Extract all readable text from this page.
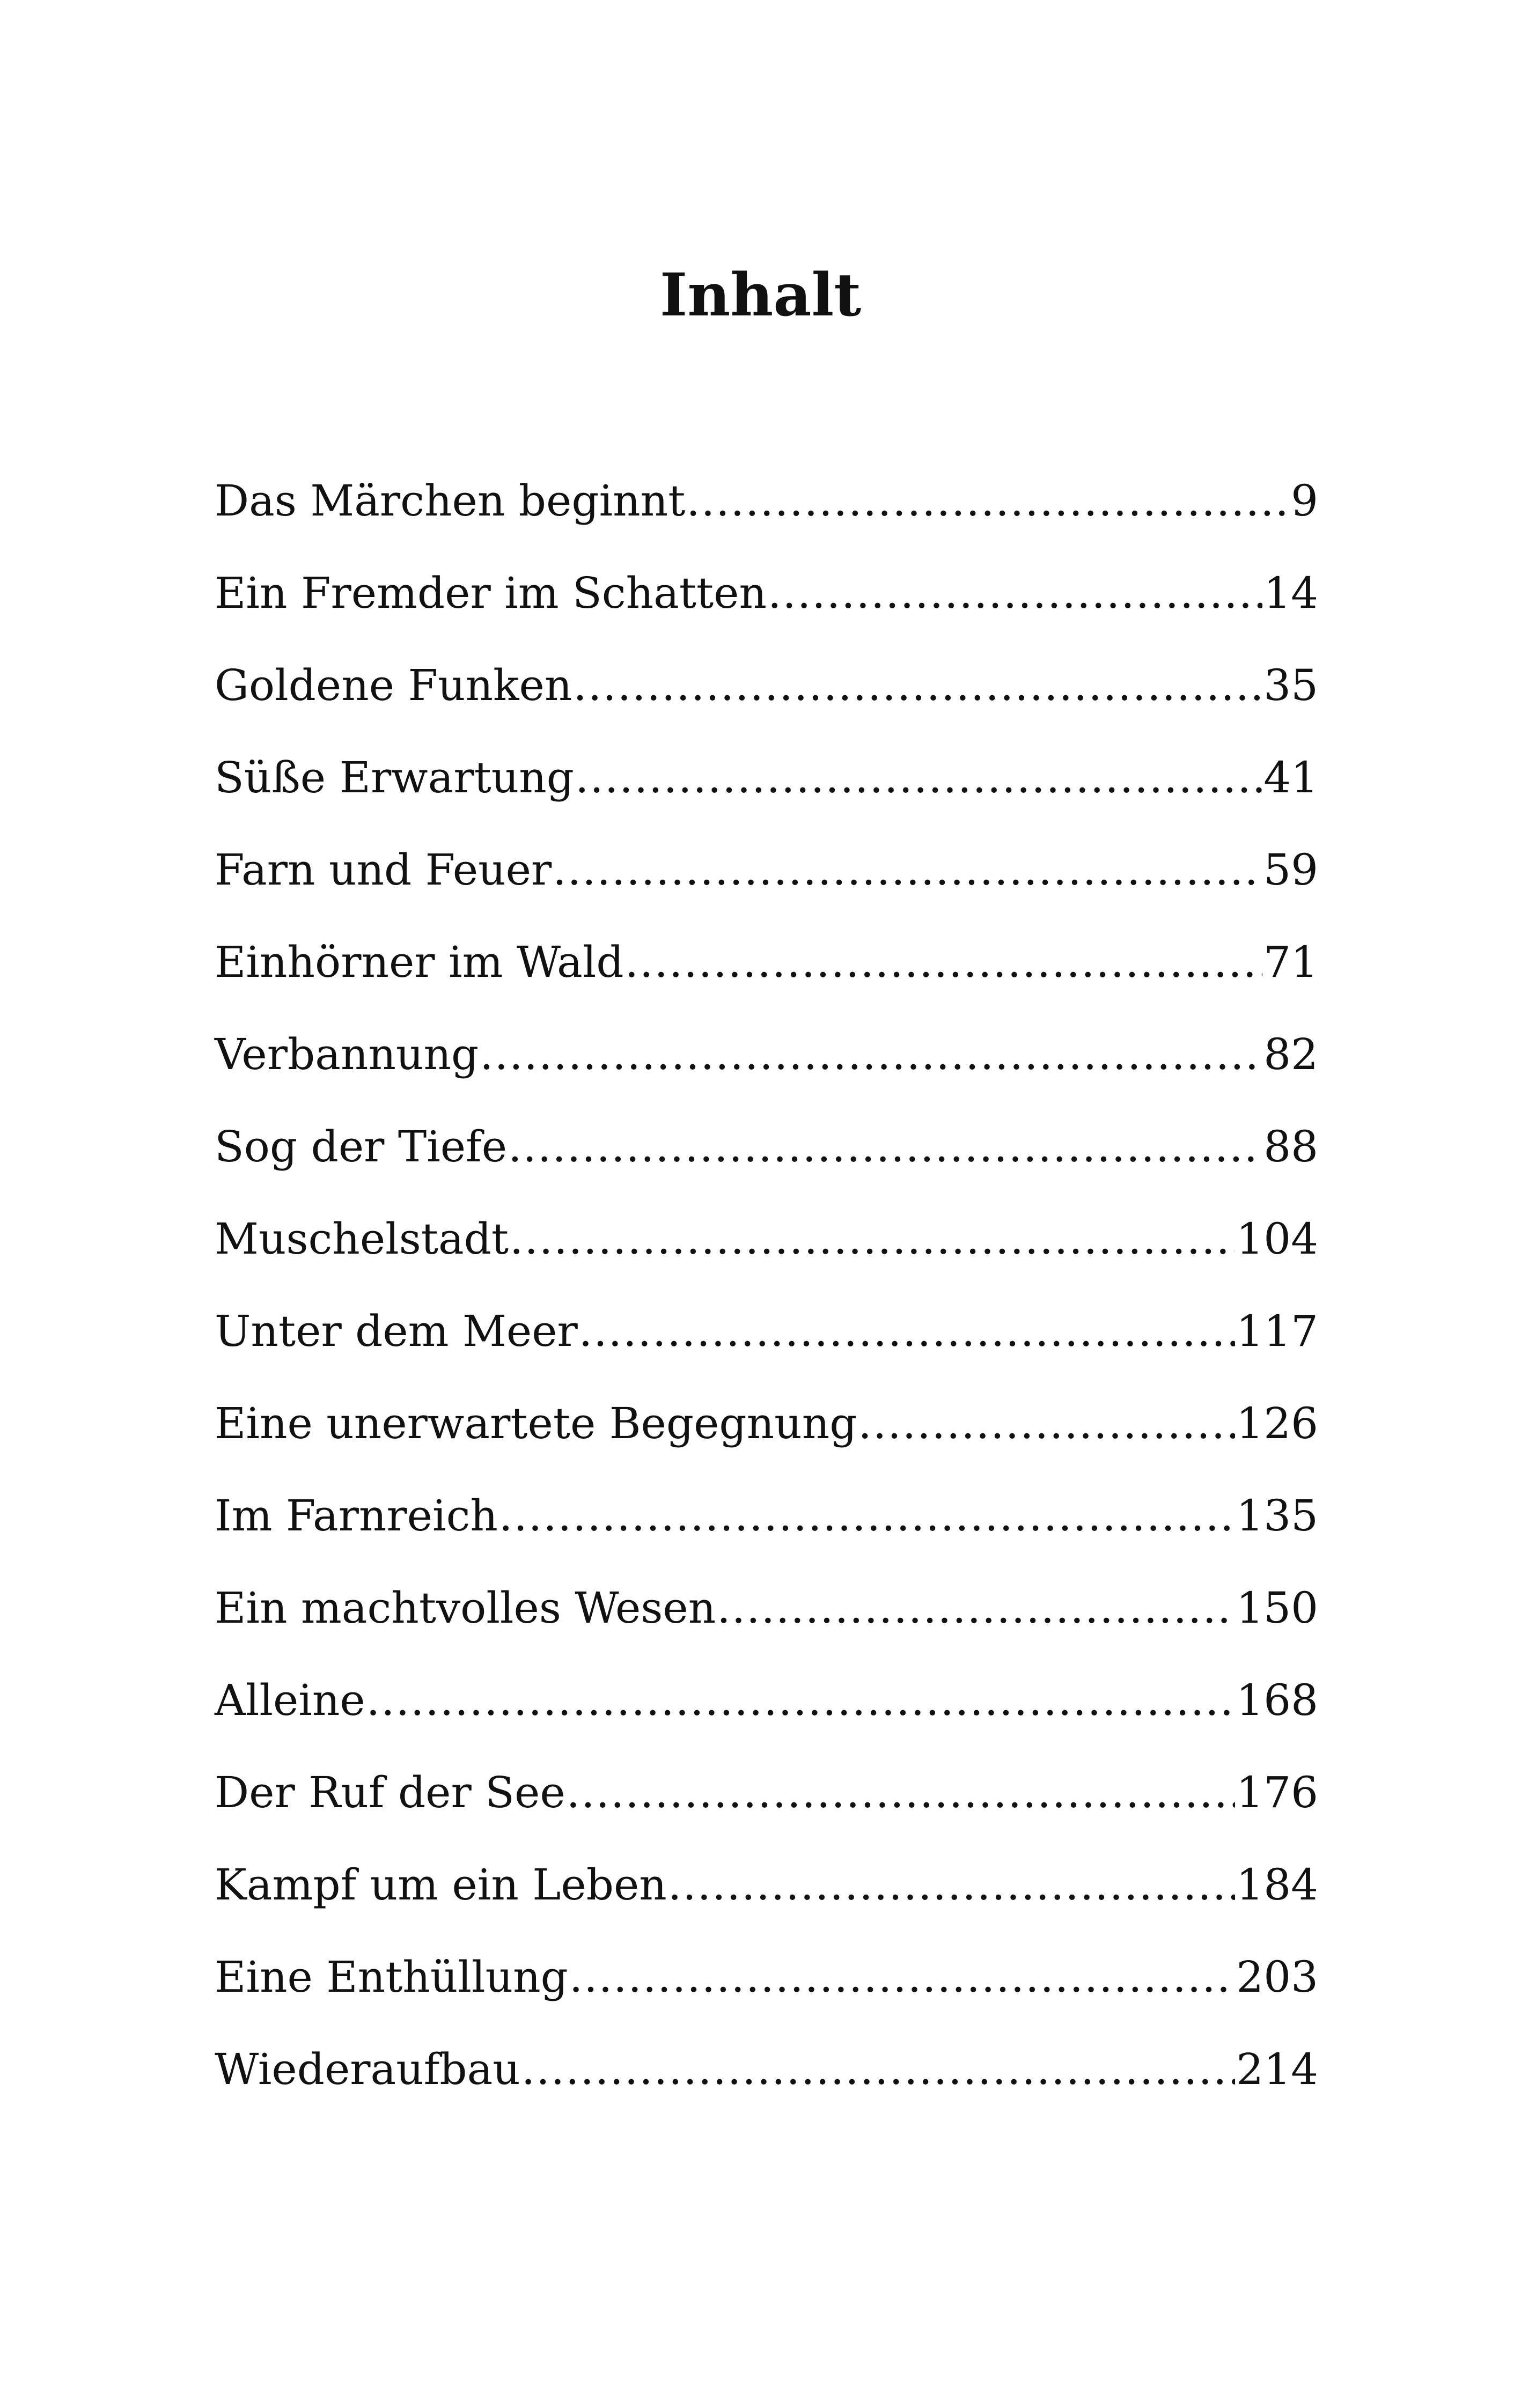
Inhalt
Das Märchen beginnt .....	9
Ein Fremder im Schatten .....	14
Goldene Funken .....	35
Süße Erwartung .....	41
Farn und Feuer .....	59
Einhörner im Wald .....	71
Verbannung .....	82
Sog der Tiefe .....	88
Muschelstadt .....	104
Unter dem Meer .....	117
Eine unerwartete Begegnung .....	126
Im Farnreich .....	135
Ein machtvolles Wesen .....	150
Alleine .....	168
Der Ruf der See .....	176
Kampf um ein Leben .....	184
Eine Enthüllung .....	203
Wiederaufbau .....	214
